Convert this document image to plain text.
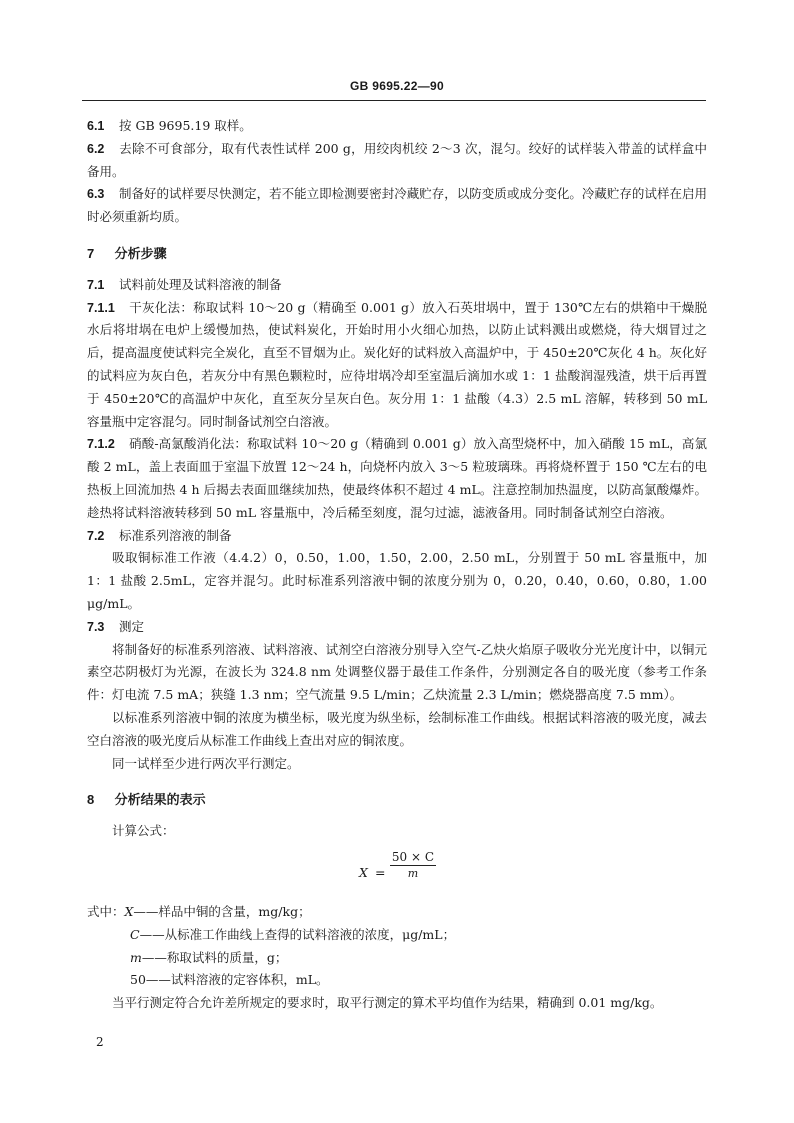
GB 9695.22—90

6.1 按 GB 9695.19 取样。

6.2 去除不可食部分，取有代表性试样 200 g，用绞肉机绞 2～3 次，混匀。绞好的试样装入带盖的试样盒中备用。

6.3 制备好的试样要尽快测定，若不能立即检测要密封冷藏贮存，以防变质或成分变化。冷藏贮存的试样在启用时必须重新均质。

7 分析步骤

7.1 试料前处理及试料溶液的制备

7.1.1 干灰化法：称取试料 10～20 g（精确至 0.001 g）放入石英坩埚中，置于 130℃左右的烘箱中干燥脱水后将坩埚在电炉上缓慢加热，使试料炭化，开始时用小火细心加热，以防止试料溅出或燃烧，待大烟冒过之后，提高温度使试料完全炭化，直至不冒烟为止。炭化好的试料放入高温炉中，于 450±20℃灰化 4 h。灰化好的试料应为灰白色，若灰分中有黑色颗粒时，应待坩埚冷却至室温后滴加水或 1：1 盐酸润湿残渣，烘干后再置于 450±20℃的高温炉中灰化，直至灰分呈灰白色。灰分用 1：1 盐酸（4.3）2.5 mL 溶解，转移到 50 mL 容量瓶中定容混匀。同时制备试剂空白溶液。

7.1.2 硝酸-高氯酸消化法：称取试料 10～20 g（精确到 0.001 g）放入高型烧杯中，加入硝酸 15 mL，高氯酸 2 mL，盖上表面皿于室温下放置 12～24 h，向烧杯内放入 3～5 粒玻璃珠。再将烧杯置于 150 ℃左右的电热板上回流加热 4 h 后揭去表面皿继续加热，使最终体积不超过 4 mL。注意控制加热温度，以防高氯酸爆炸。趁热将试料溶液转移到 50 mL 容量瓶中，冷后稀至刻度，混匀过滤，滤液备用。同时制备试剂空白溶液。

7.2 标准系列溶液的制备

吸取铜标准工作液（4.4.2）0，0.50，1.00，1.50，2.00，2.50 mL，分别置于 50 mL 容量瓶中，加 1：1 盐酸 2.5mL，定容并混匀。此时标准系列溶液中铜的浓度分别为 0，0.20，0.40，0.60，0.80，1.00 μg/mL。

7.3 测定

将制备好的标准系列溶液、试料溶液、试剂空白溶液分别导入空气-乙炔火焰原子吸收分光光度计中，以铜元素空芯阴极灯为光源，在波长为 324.8 nm 处调整仪器于最佳工作条件，分别测定各自的吸光度（参考工作条件：灯电流 7.5 mA；狭缝 1.3 nm；空气流量 9.5 L/min；乙炔流量 2.3 L/min；燃烧器高度 7.5 mm）。

以标准系列溶液中铜的浓度为横坐标，吸光度为纵坐标，绘制标准工作曲线。根据试料溶液的吸光度，减去空白溶液的吸光度后从标准工作曲线上查出对应的铜浓度。

同一试样至少进行两次平行测定。

8 分析结果的表示

计算公式：

$X = \frac{50 \times C}{m}$

式中：X——样品中铜的含量，mg/kg；

C——从标准工作曲线上查得的试料溶液的浓度，μg/mL；

m——称取试料的质量，g；

50——试料溶液的定容体积，mL。

当平行测定符合允许差所规定的要求时，取平行测定的算术平均值作为结果，精确到 0.01 mg/kg。

2
